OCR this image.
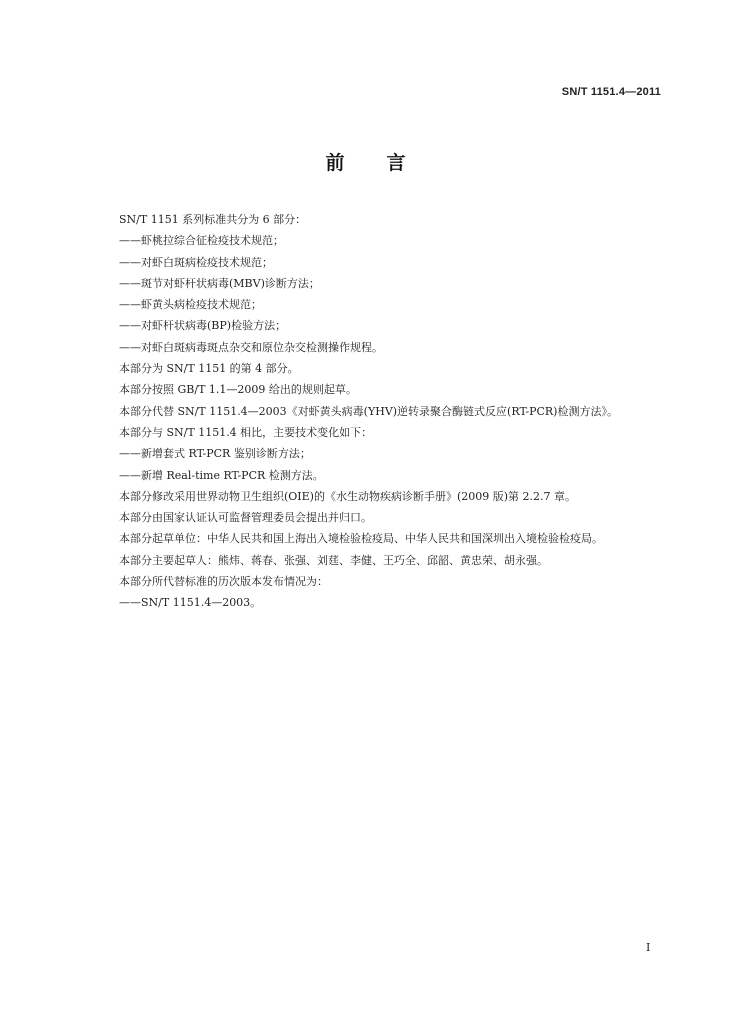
SN/T 1151.4—2011
前言

SN/T 1151 系列标准共分为 6 部分：

——虾桃拉综合征检疫技术规范；

——对虾白斑病检疫技术规范；

——斑节对虾杆状病毒(MBV)诊断方法；

——虾黄头病检疫技术规范；

——对虾杆状病毒(BP)检验方法；

——对虾白斑病毒斑点杂交和原位杂交检测操作规程。

本部分为 SN/T 1151 的第 4 部分。

本部分按照 GB/T 1.1—2009 给出的规则起草。

本部分代替 SN/T 1151.4—2003《对虾黄头病毒(YHV)逆转录聚合酶链式反应(RT-PCR)检测方法》。

本部分与 SN/T 1151.4 相比，主要技术变化如下：

——新增套式 RT-PCR 鉴别诊断方法；

——新增 Real-time RT-PCR 检测方法。

本部分修改采用世界动物卫生组织(OIE)的《水生动物疾病诊断手册》(2009 版)第 2.2.7 章。

本部分由国家认证认可监督管理委员会提出并归口。

本部分起草单位：中华人民共和国上海出入境检验检疫局、中华人民共和国深圳出入境检验检疫局。

本部分主要起草人：熊炜、蒋春、张强、刘莛、李健、王巧全、邱韶、黄忠荣、胡永强。

本部分所代替标准的历次版本发布情况为：

——SN/T 1151.4—2003。

I
